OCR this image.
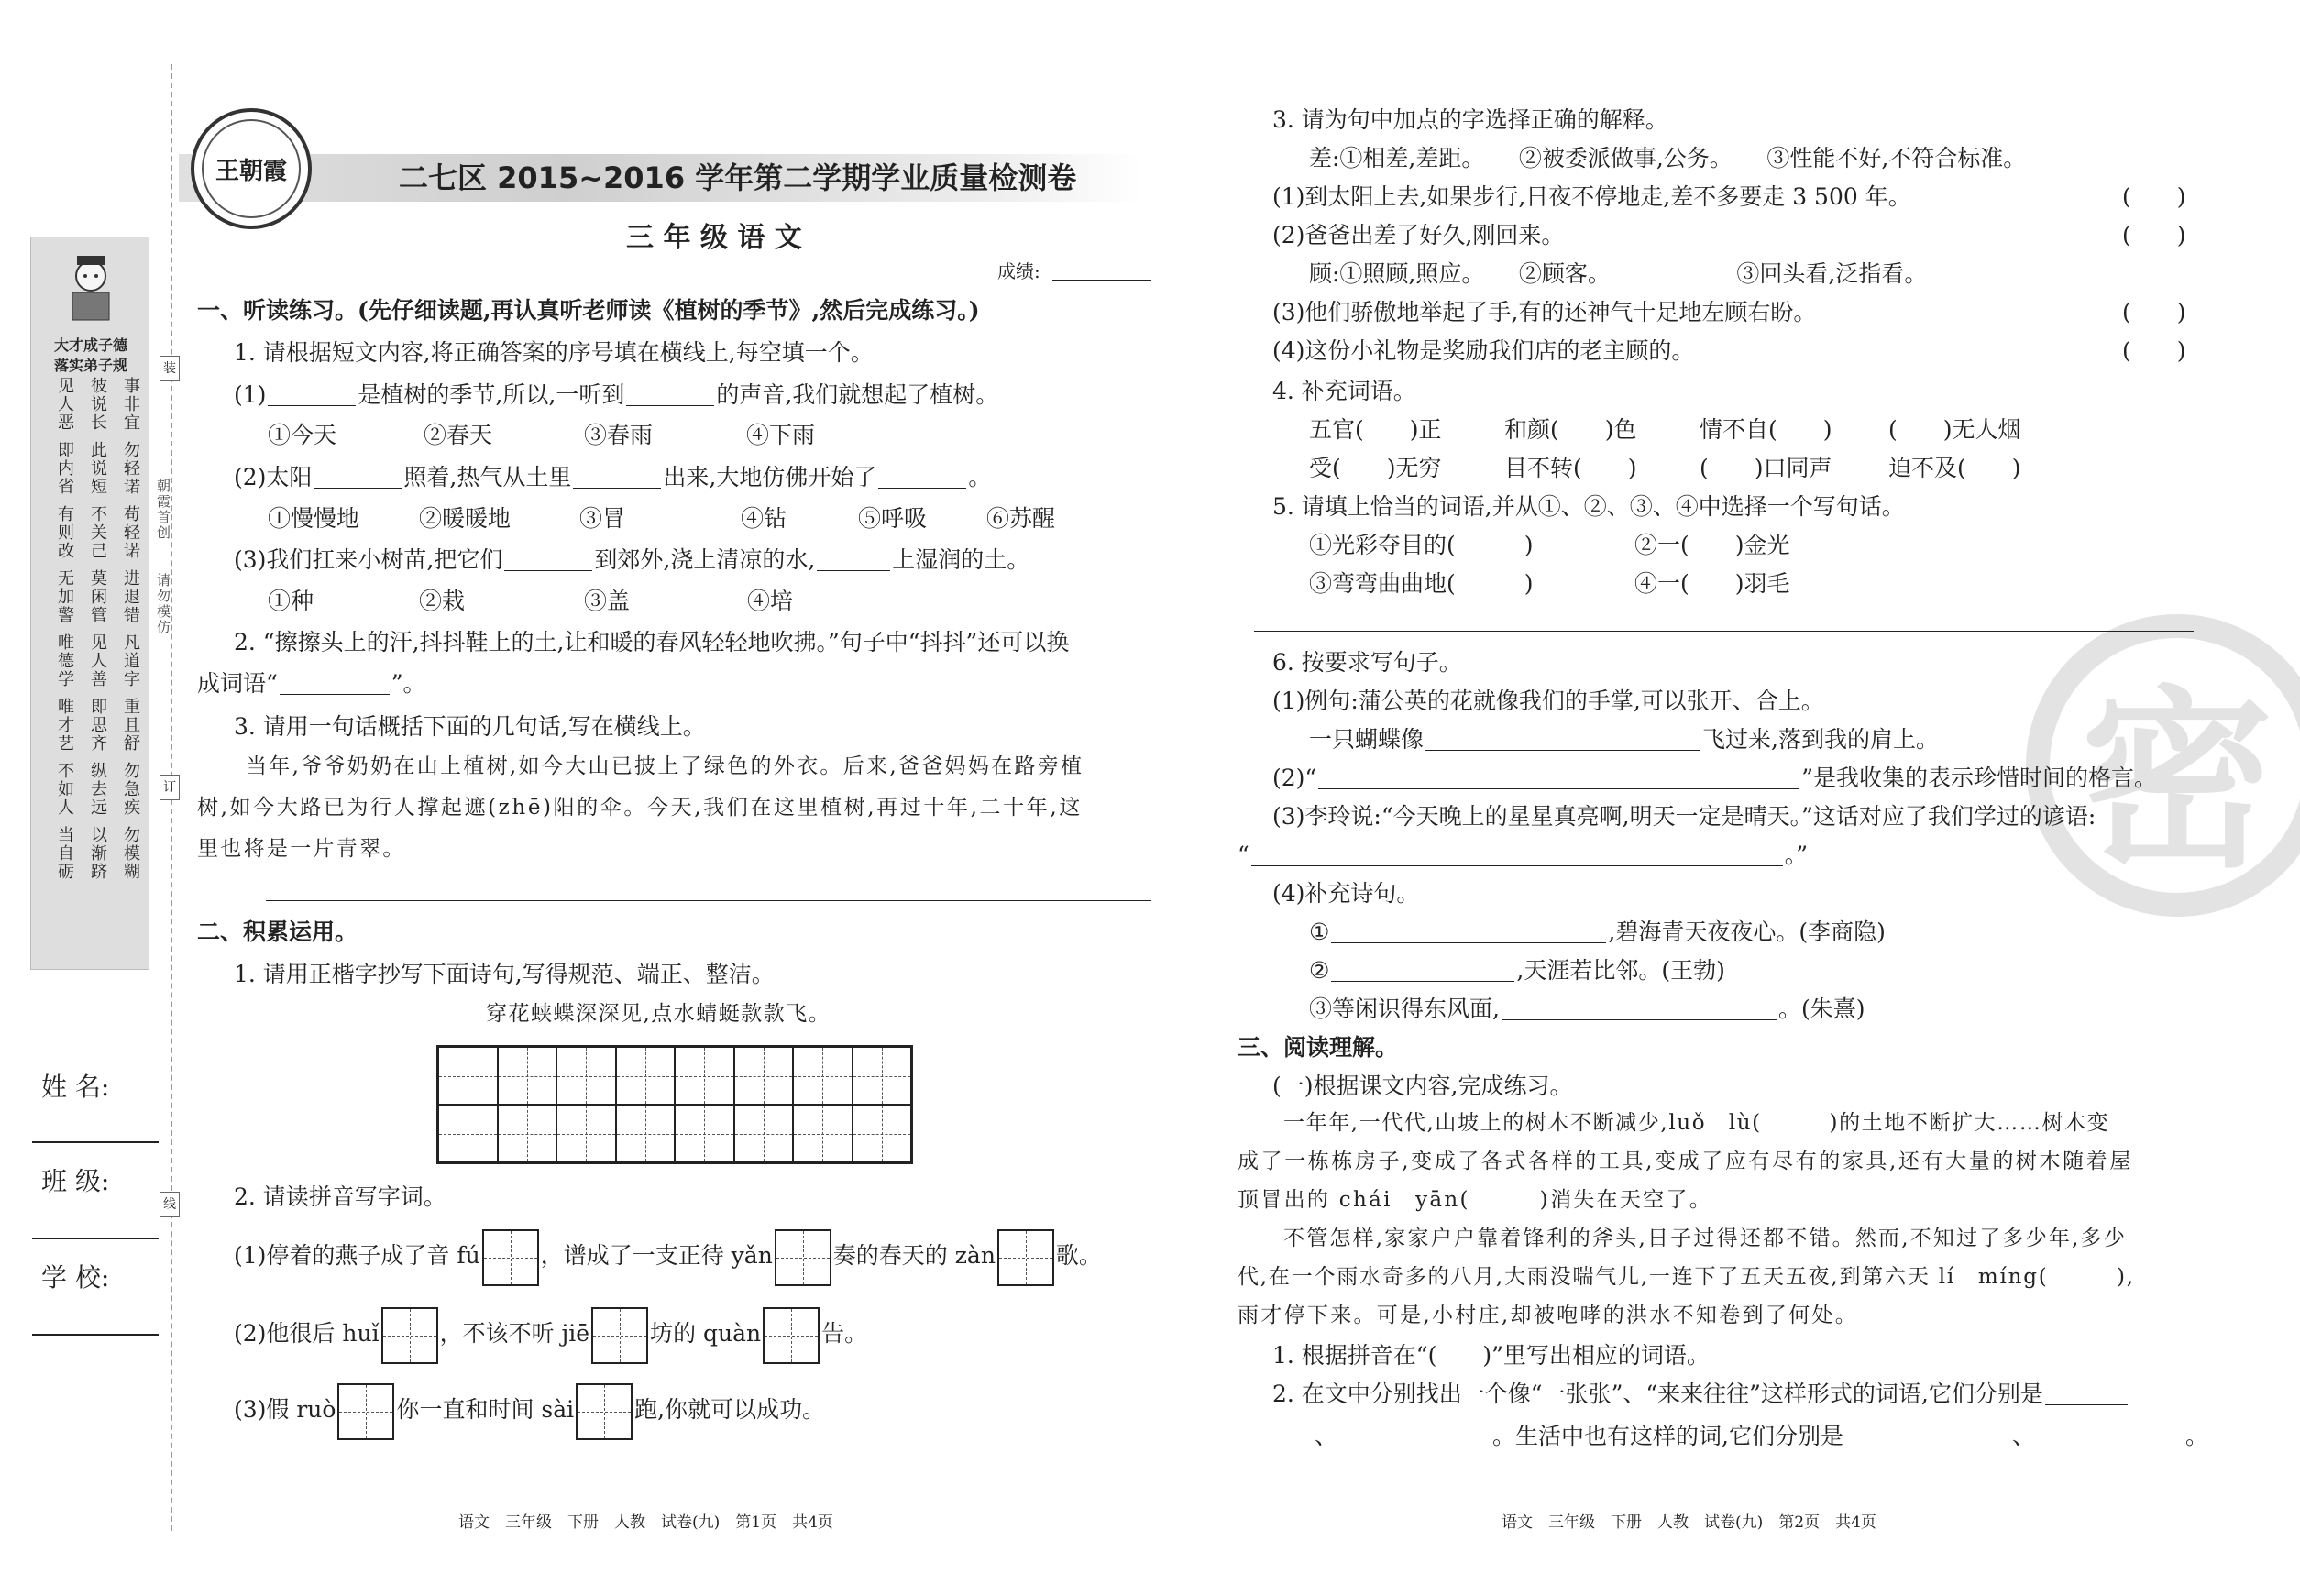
大才成子德
落实弟子规
见人恶 彼说长 事非宜
即内省 此说短 勿轻诺
有则改 不关己 苟轻诺
无加警 莫闲管 进退错
唯德学 见人善 凡道字
唯才艺 即思齐 重且舒
不如人 纵去远 勿急疾
当自砺 以渐跻 勿模糊
装
订
线
朝霞首创
请勿模仿
姓 名:
班 级:
学 校:
王朝霞	二七区 2015~2016 学年第二学期学业质量检测卷
三 年 级 语 文
成绩:
一、听读练习。(先仔细读题,再认真听老师读《植树的季节》,然后完成练习。)
1. 请根据短文内容,将正确答案的序号填在横线上,每空填一个。
(1)	是植树的季节,所以,一听到	的声音,我们就想起了植树。
①今天	②春天	③春雨	④下雨
(2)太阳	照着,热气从土里	出来,大地仿佛开始了	。
①慢慢地	②暖暖地	③冒	④钻	⑤呼吸	⑥苏醒
(3)我们扛来小树苗,把它们	到郊外,浇上清凉的水,	上湿润的土。
①种	②栽	③盖	④培
2. “擦擦头上的汗,抖抖鞋上的土,让和暖的春风轻轻地吹拂。”句子中“抖抖”还可以换
成词语“	”。
3. 请用一句话概括下面的几句话,写在横线上。
当年,爷爷奶奶在山上植树,如今大山已披上了绿色的外衣。后来,爸爸妈妈在路旁植
树,如今大路已为行人撑起遮(zhē)阳的伞。今天,我们在这里植树,再过十年,二十年,这
里也将是一片青翠。
二、积累运用。
1. 请用正楷字抄写下面诗句,写得规范、端正、整洁。
穿花蛱蝶深深见,点水蜻蜓款款飞。
2. 请读拼音写字词。
(1)停着的燕子成了音 fú	，谱成了一支正待 yǎn	奏的春天的 zàn	歌。
(2)他很后 huǐ	，不该不听 jiē	坊的 quàn	告。
(3)假 ruò	你一直和时间 sài	跑,你就可以成功。
语文　三年级　下册　人教　试卷(九)　第1页　共4页
密
3. 请为句中加点的字选择正确的解释。
差:①相差,差距。　　②被委派做事,公务。　　③性能不好,不符合标准。
(1)到太阳上去,如果步行,日夜不停地走,差不多要走 3 500 年。	(　　)
(2)爸爸出差了好久,刚回来。	(　　)
顾:①照顾,照应。　　②顾客。　　　　　　③回头看,泛指看。
(3)他们骄傲地举起了手,有的还神气十足地左顾右盼。	(　　)
(4)这份小礼物是奖励我们店的老主顾的。	(　　)
4. 补充词语。
五官(　　)正	和颜(　　)色	情不自(　　) (　　)无人烟
受(　　)无穷	目不转(　　)	(　　)口同声 迫不及(　　)
5. 请填上恰当的词语,并从①、②、③、④中选择一个写句话。
①光彩夺目的(　　　)	②一(　　)金光
③弯弯曲曲地(　　　)	④一(　　)羽毛
6. 按要求写句子。
(1)例句:蒲公英的花就像我们的手掌,可以张开、合上。
一只蝴蝶像	飞过来,落到我的肩上。
(2)“	”是我收集的表示珍惜时间的格言。
(3)李玲说:“今天晚上的星星真亮啊,明天一定是晴天。”这话对应了我们学过的谚语:
“	。”
(4)补充诗句。
①	,碧海青天夜夜心。(李商隐)
②	,天涯若比邻。(王勃)
③等闲识得东风面,	。(朱熹)
三、阅读理解。
(一)根据课文内容,完成练习。
一年年,一代代,山坡上的树木不断减少,luǒ　lù(　　　)的土地不断扩大……树木变
成了一栋栋房子,变成了各式各样的工具,变成了应有尽有的家具,还有大量的树木随着屋
顶冒出的 chái　yān(　　　)消失在天空了。
不管怎样,家家户户靠着锋利的斧头,日子过得还都不错。然而,不知过了多少年,多少
代,在一个雨水奇多的八月,大雨没喘气儿,一连下了五天五夜,到第六天 lí　míng(　　　),
雨才停下来。可是,小村庄,却被咆哮的洪水不知卷到了何处。
1. 根据拼音在“(　　)”里写出相应的词语。
2. 在文中分别找出一个像“一张张”、“来来往往”这样形式的词语,它们分别是
、	。生活中也有这样的词,它们分别是	、	。
语文　三年级　下册　人教　试卷(九)　第2页　共4页
